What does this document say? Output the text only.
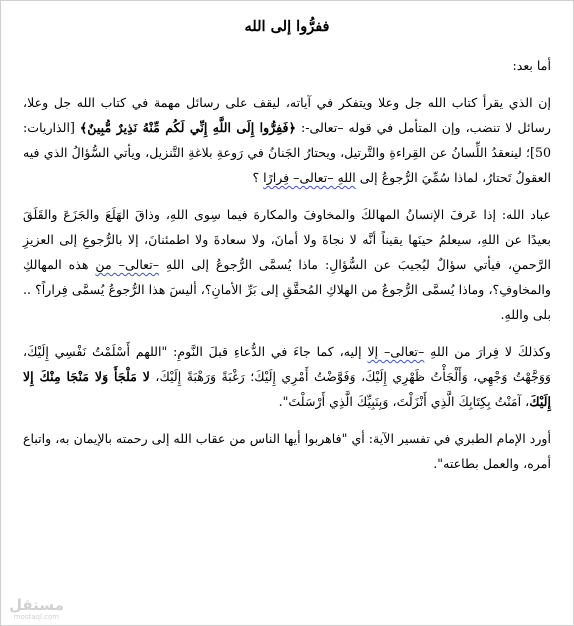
ففرُّوا إلى الله
أما بعد:
إن الذي يقرأ كتاب الله جل وعلا ويتفكر في آياته، ليقف على رسائل مهمة في كتاب الله جل وعلا، رسائل لا تنضب، وإن المتأمل في قوله –تعالى-: ﴿فَفِرُّوا إِلَى اللَّهِ إِنِّي لَكُم مِّنْهُ نَذِيرٌ مُّبِينٌ﴾ [الذاريات: 50]؛ لينعقدُ اللِّسانُ عن القِراءةِ والتَّرتيل، ويحتارُ الجَنانُ في رَوعةِ بلاغةِ التَّنزيل، ويأتي السُّؤالُ الذي فيه العقولُ تَحتارُ، لماذا سُمِّيَ الرُّجوعُ إلى اللهِ –تعالى– فِرارًا ؟
عباد الله: إذا عَرفَ الإنسانُ المهالكَ والمخاوفَ والمكارهَ فيما سِوى اللهِ، وذاقَ الهَلَعَ والجَزَعَ والقَلَقَ بعيدًا عن اللهِ، سيعلمُ حينَها يقيناً أنَّه لا نجاةَ ولا أمانَ، ولا سعادةَ ولا اطمئنانَ، إلا بالرُّجوعِ إلى العزيزِ الرَّحمنِ، فيأتي سؤالٌ ليُجيبَ عن السُّؤالِ: ماذا يُسمَّى الرُّجوعُ إلى اللهِ –تعالى– من هذه المهالكِ والمخاوفِ؟، وماذا يُسمَّى الرُّجوعُ من الهلاكِ المُحقَّقِ إلى بَرِّ الأمانِ؟، أليسَ هذا الرُّجوعُ يُسمَّى فِراراً؟ .. بلى واللهِ.
وكذلكَ لا فِرارَ من اللهِ –تعالى– إلا إليه، كما جاءَ في الدُّعاءِ قبلَ النَّومِ: "اللهم أَسْلَمْتُ نَفْسِي إِلَيْكَ، وَوَجَّهْتُ وَجْهِي، وَأَلْجَأْتُ ظَهْرِي إِلَيْكَ، وَفَوَّضْتُ أَمْرِي إِلَيْكَ؛ رَغْبَةً وَرَهْبَةً إِلَيْكَ، لا مَلْجَأَ وَلا مَنْجَا مِنْكَ إِلا إِلَيْكَ، آمَنْتُ بِكِتَابِكَ الَّذِي أَنْزَلْتَ، وَبِنَبِيِّكَ الَّذِي أَرْسَلْتَ".
أورد الإمام الطبري في تفسير الآية: أي "فاهربوا أيها الناس من عقاب الله إلى رحمته بالإيمان به، واتباع أمره، والعمل بطاعته".
مستقل
mostaql.com
